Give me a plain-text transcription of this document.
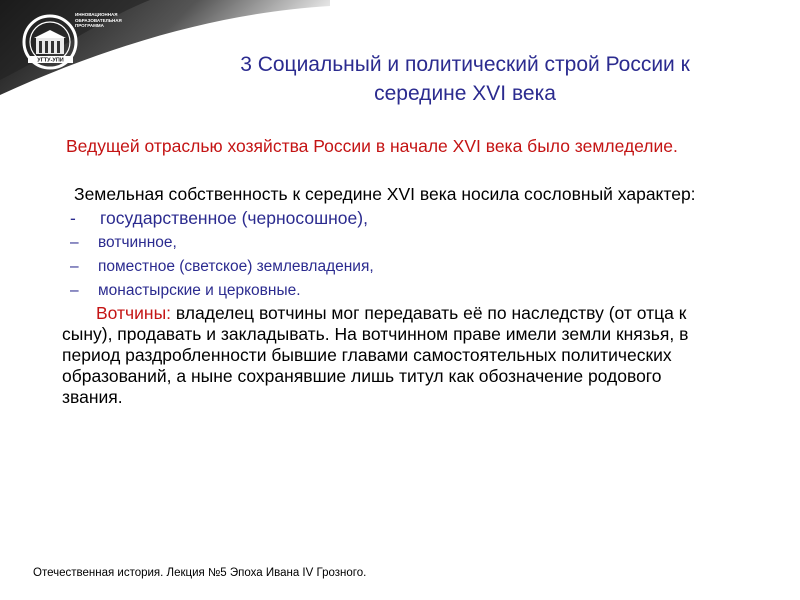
УГТУ-УПИ
ИННОВАЦИОННАЯ ОБРАЗОВАТЕЛЬНАЯ ПРОГРАММА
3 Социальный и политический строй России к
середине XVI века

Ведущей отраслью хозяйства России в начале XVI века было земледелие.

Земельная собственность к середине XVI века носила сословный характер:

-	государственное (черносошное),
–	вотчинное,
–	поместное (светское) землевладения,
–	монастырские и церковные.

Вотчины: владелец вотчины мог передавать её по наследству (от отца к сыну), продавать и закладывать. На вотчинном праве имели земли князья, в период раздробленности бывшие главами самостоятельных политических образований, а ныне сохранявшие лишь титул как обозначение родового звания.

Отечественная история. Лекция №5 Эпоха Ивана IV Грозного.
